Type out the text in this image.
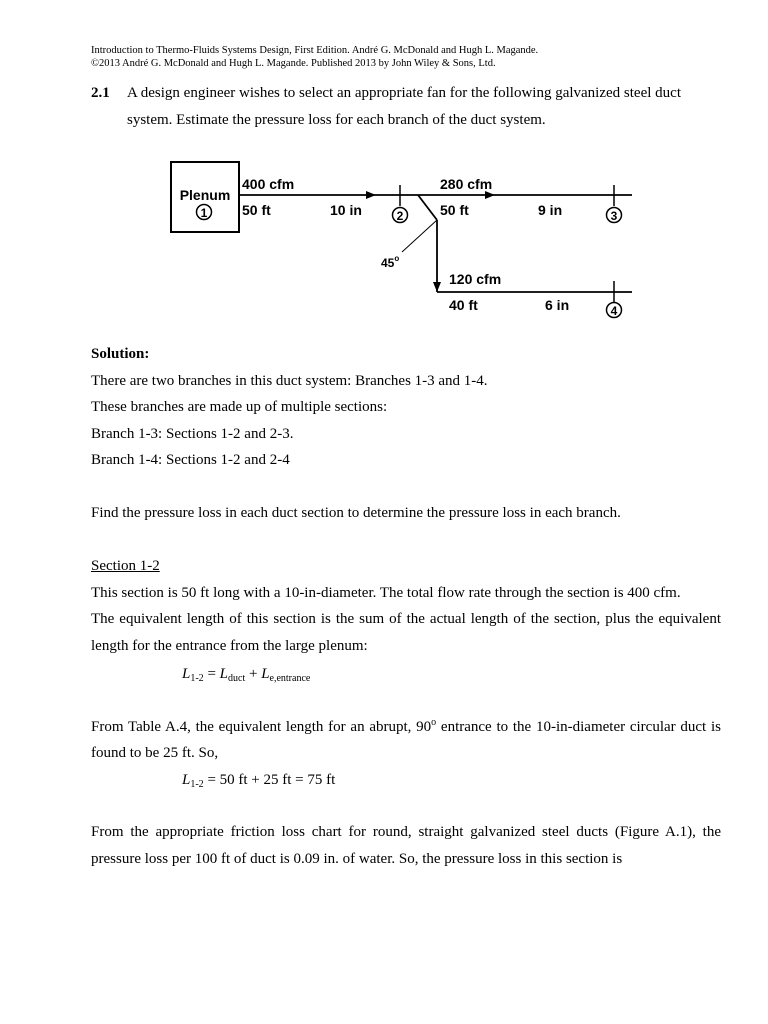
Introduction to Thermo-Fluids Systems Design, First Edition. André G. McDonald and Hugh L. Magande.
©2013 André G. McDonald and Hugh L. Magande. Published 2013 by John Wiley & Sons, Ltd.
2.1 A design engineer wishes to select an appropriate fan for the following galvanized steel duct
system. Estimate the pressure loss for each branch of the duct system.
Plenum
1	2	3
45$^o$
4
400 cfm
50 ft	10 in
280 cfm
50 ft	9 in
120 cfm
40 ft	6 in

Solution:

There are two branches in this duct system: Branches 1-3 and 1-4.

These branches are made up of multiple sections:

Branch 1-3: Sections 1-2 and 2-3.

Branch 1-4: Sections 1-2 and 2-4

Find the pressure loss in each duct section to determine the pressure loss in each branch.

Section 1-2

This section is 50 ft long with a 10-in-diameter. The total flow rate through the section is 400 cfm.

The equivalent length of this section is the sum of the actual length of the section, plus the equivalent length for the entrance from the large plenum:

$L_{1-2} = L_{duct} + L_{e,entrance}$

From Table A.4, the equivalent length for an abrupt, 90$^o$ entrance to the 10-in-diameter circular duct is found to be 25 ft. So,

$L_{1-2} = 50$ ft + 25 ft = 75 ft

From the appropriate friction loss chart for round, straight galvanized steel ducts (Figure A.1), the pressure loss per 100 ft of duct is 0.09 in. of water. So, the pressure loss in this section is
